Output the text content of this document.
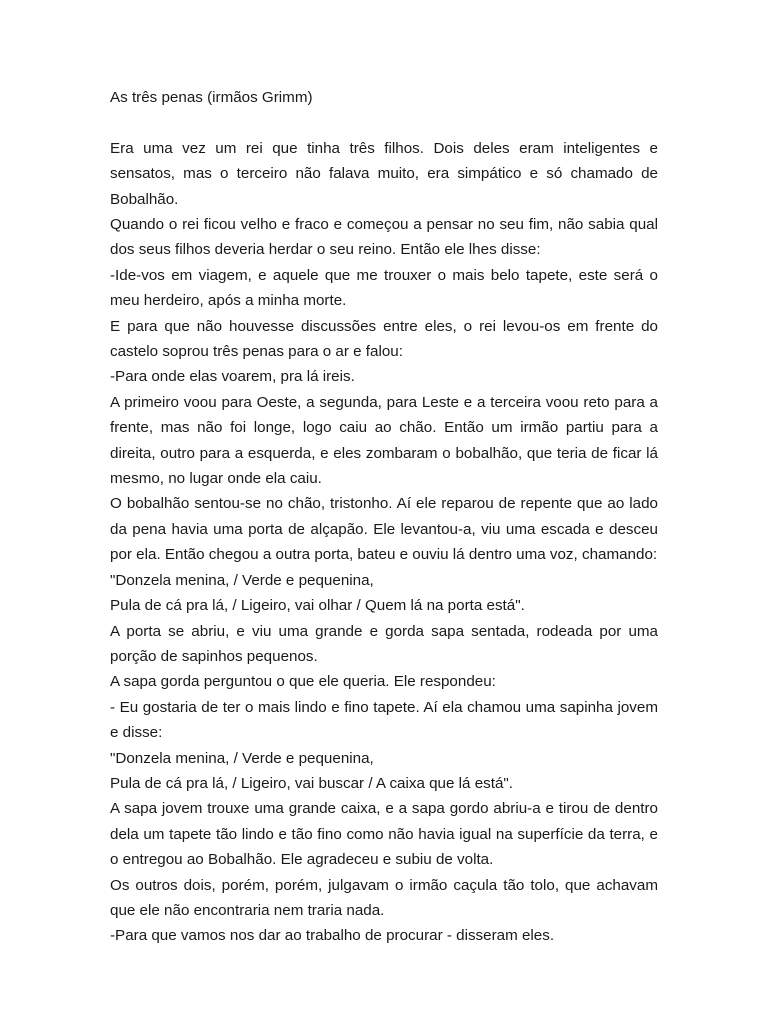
As três penas (irmãos Grimm)

Era uma vez um rei que tinha três filhos. Dois deles eram inteligentes e sensatos, mas o terceiro não falava muito, era simpático e só chamado de Bobalhão.

Quando o rei ficou velho e fraco e começou a pensar no seu fim, não sabia qual dos seus filhos deveria herdar o seu reino. Então ele lhes disse:

-Ide-vos em viagem, e aquele que me trouxer o mais belo tapete, este será o meu herdeiro, após a minha morte.

E para que não houvesse discussões entre eles, o rei levou-os em frente do castelo soprou três penas para o ar e falou:

-Para onde elas voarem, pra lá ireis.

A primeiro voou para Oeste, a segunda, para Leste e a terceira voou reto para a frente, mas não foi longe, logo caiu ao chão. Então um irmão partiu para a direita, outro para a esquerda, e eles zombaram o bobalhão, que teria de ficar lá mesmo, no lugar onde ela caiu.

O bobalhão sentou-se no chão, tristonho. Aí ele reparou de repente que ao lado da pena havia uma porta de alçapão. Ele levantou-a, viu uma escada e desceu por ela. Então chegou a outra porta, bateu e ouviu lá dentro uma voz, chamando:

"Donzela menina, / Verde e pequenina,

Pula de cá pra lá, / Ligeiro, vai olhar / Quem lá na porta está".

A porta se abriu, e viu uma grande e gorda sapa sentada, rodeada por uma porção de sapinhos pequenos.

A sapa gorda perguntou o que ele queria. Ele respondeu:

- Eu gostaria de ter o mais lindo e fino tapete. Aí ela chamou uma sapinha jovem e disse:

"Donzela menina, / Verde e pequenina,

Pula de cá pra lá, / Ligeiro, vai buscar / A caixa que lá está".

A sapa jovem trouxe uma grande caixa, e a sapa gordo abriu-a e tirou de dentro dela um tapete tão lindo e tão fino como não havia igual na superfície da terra, e o entregou ao Bobalhão. Ele agradeceu e subiu de volta.

Os outros dois, porém, porém, julgavam o irmão caçula tão tolo, que achavam que ele não encontraria nem traria nada.

-Para que vamos nos dar ao trabalho de procurar - disseram eles.
